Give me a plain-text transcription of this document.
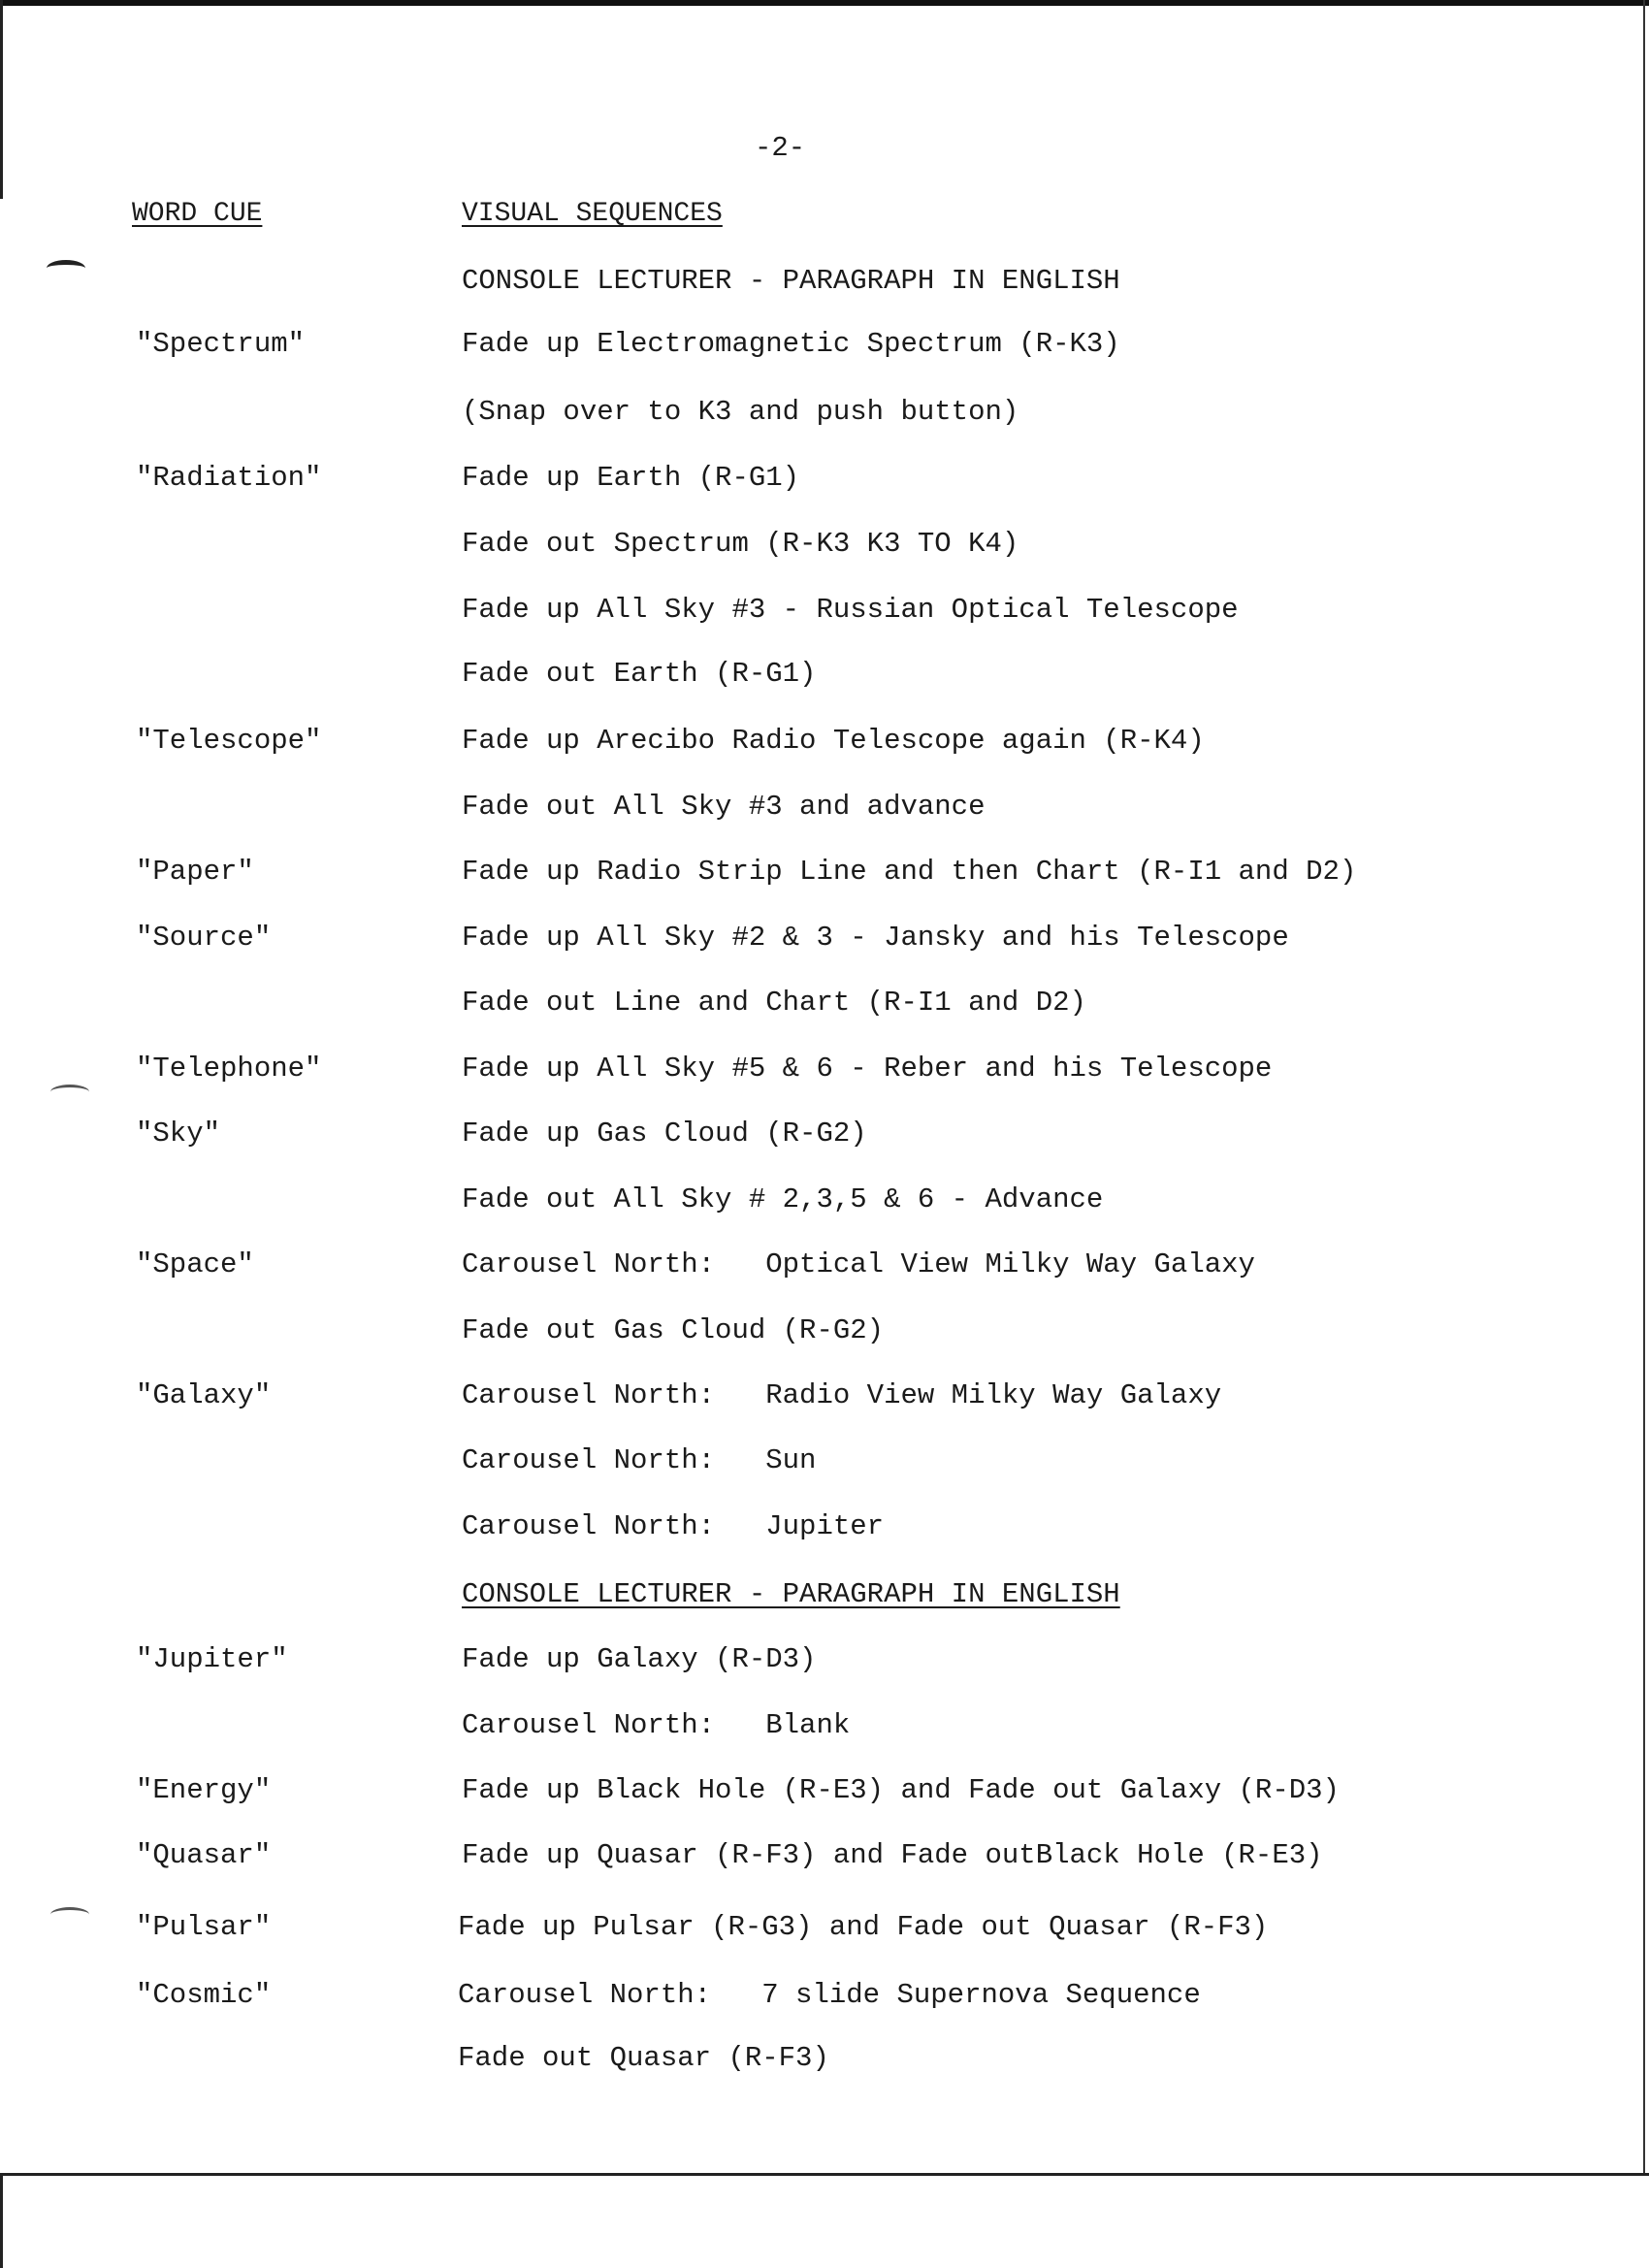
-2-
WORD CUE	VISUAL SEQUENCES
CONSOLE LECTURER - PARAGRAPH IN ENGLISH
"Spectrum"	Fade up Electromagnetic Spectrum (R-K3)
(Snap over to K3 and push button)
"Radiation"	Fade up Earth (R-G1)
Fade out Spectrum (R-K3 K3 TO K4)
Fade up All Sky #3 - Russian Optical Telescope
Fade out Earth (R-G1)
"Telescope"	Fade up Arecibo Radio Telescope again (R-K4)
Fade out All Sky #3 and advance
"Paper"	Fade up Radio Strip Line and then Chart (R-I1 and D2)
"Source"	Fade up All Sky #2 & 3 - Jansky and his Telescope
Fade out Line and Chart (R-I1 and D2)
"Telephone"	Fade up All Sky #5 & 6 - Reber and his Telescope
"Sky"	Fade up Gas Cloud (R-G2)
Fade out All Sky # 2,3,5 & 6 - Advance
"Space"	Carousel North:   Optical View Milky Way Galaxy
Fade out Gas Cloud (R-G2)
"Galaxy"	Carousel North:   Radio View Milky Way Galaxy
Carousel North:   Sun
Carousel North:   Jupiter
CONSOLE LECTURER - PARAGRAPH IN ENGLISH
"Jupiter"	Fade up Galaxy (R-D3)
Carousel North:   Blank
"Energy"	Fade up Black Hole (R-E3) and Fade out Galaxy (R-D3)
"Quasar"	Fade up Quasar (R-F3) and Fade outBlack Hole (R-E3)
"Pulsar"	Fade up Pulsar (R-G3) and Fade out Quasar (R-F3)
"Cosmic"	Carousel North:   7 slide Supernova Sequence
Fade out Quasar (R-F3)
